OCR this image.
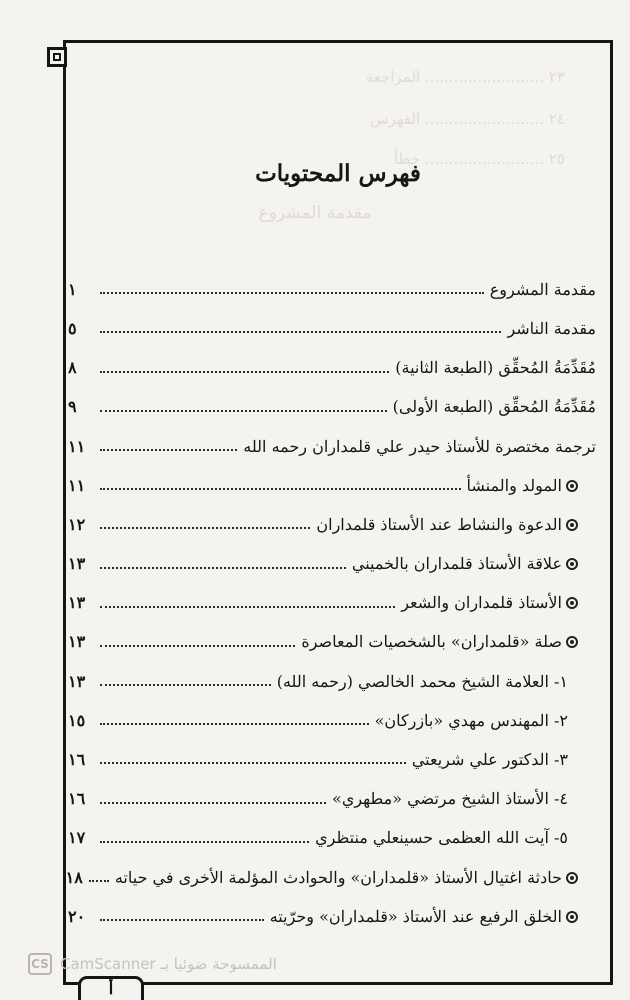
٢٣ ......................... المراجعة
٢٤ ......................... الفهرس
٢٥ ......................... خطأ
مقدمة المشروع
فهرس المحتويات
مقدمة المشروع
١
مقدمة الناشر
٥
مُقَدِّمَةُ المُحقِّق (الطبعة الثانية)
٨
مُقَدِّمَةُ المُحقِّق (الطبعة الأولى)
٩
ترجمة مختصرة للأستاذ حيدر علي قلمداران رحمه الله
١١
المولد والمنشأ
١١
الدعوة والنشاط عند الأستاذ قلمداران
١٢
علاقة الأستاذ قلمداران بالخميني
١٣
الأستاذ قلمداران والشعر
١٣
صلة «قلمداران» بالشخصيات المعاصرة
١٣
١- العلامة الشيخ محمد الخالصي (رحمه الله)
١٣
٢- المهندس مهدي «بازركان»
١٥
٣- الدكتور علي شريعتي
١٦
٤- الأستاذ الشيخ مرتضي «مطهري»
١٦
٥- آيت الله العظمى حسينعلي منتظري
١٧
حادثة اغتيال الأستاذ «قلمداران» والحوادث المؤلمة الأخرى في حياته
١٨
الخلق الرفيع عند الأستاذ «قلمداران» وحرّيته
٢٠
CS CamScanner الممسوحة ضوئيا بـ
أ
